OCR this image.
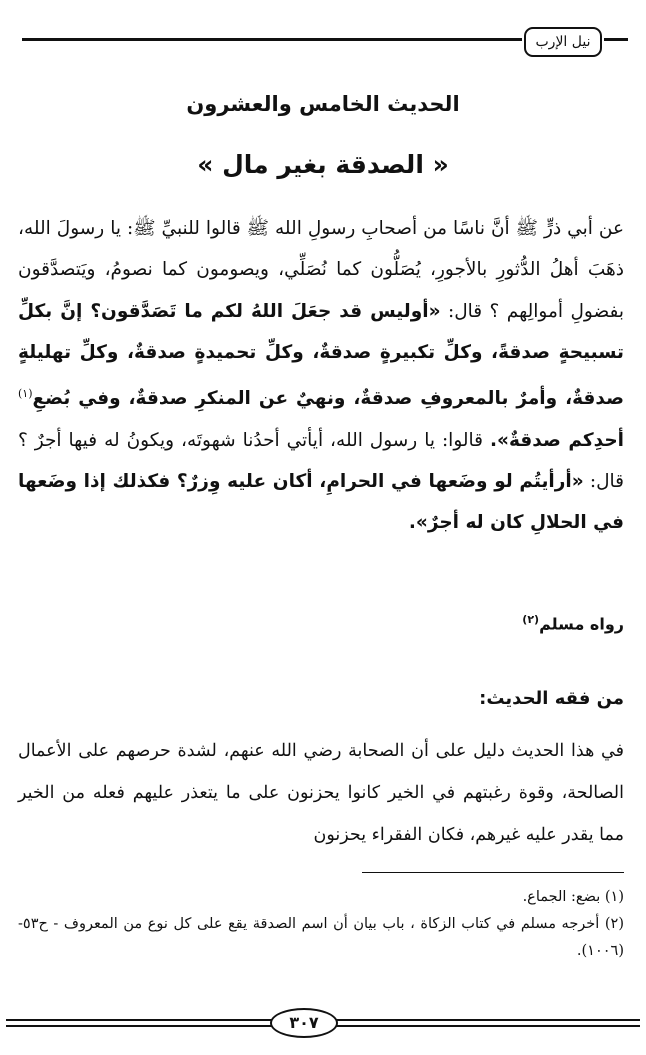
نيل الإرب
الحديث الخامس والعشرون
« الصدقة بغير مال »
عن أبي ذرٍّ ﷺ أنَّ ناسًا من أصحابِ رسولِ الله ﷺ قالوا للنبيِّ ﷺ: يا رسولَ الله، ذهَبَ أهلُ الدُّثورِ بالأجورِ، يُصَلُّون كما نُصَلِّي، ويصومون كما نصومُ، ويَتصدَّقون بفضولِ أموالِهم ؟ قال: «أوليس قد جعَلَ اللهُ لكم ما تَصَدَّقون؟ إنَّ بكلِّ تسبيحةٍ صدقةً، وكلِّ تكبيرةٍ صدقةٌ، وكلِّ تحميدةٍ صدقةٌ، وكلِّ تهليلةٍ صدقةٌ، وأمرٌ بالمعروفِ صدقةٌ، ونهيٌ عن المنكرِ صدقةٌ، وفي بُضعِ$^{(١)}$ أحدِكم صدقةٌ». قالوا: يا رسول الله، أيأتي أحدُنا شهوتَه، ويكونُ له فيها أجرٌ ؟ قال: «أرأيتُم لو وضَعها في الحرامِ، أكان عليه وِزرٌ؟ فكذلك إذا وضَعها في الحلالِ كان له أجرٌ».
رواه مسلم$^{(٢)}$
من فقه الحديث:
في هذا الحديث دليل على أن الصحابة رضي الله عنهم، لشدة حرصهم على الأعمال الصالحة، وقوة رغبتهم في الخير كانوا يحزنون على ما يتعذر عليهم فعله من الخير مما يقدر عليه غيرهم، فكان الفقراء يحزنون

(١) بضع: الجماع.

(٢) أخرجه مسلم في كتاب الزكاة ، باب بيان أن اسم الصدقة يقع على كل نوع من المعروف - ح٥٣- (١٠٠٦).

٣٠٧
